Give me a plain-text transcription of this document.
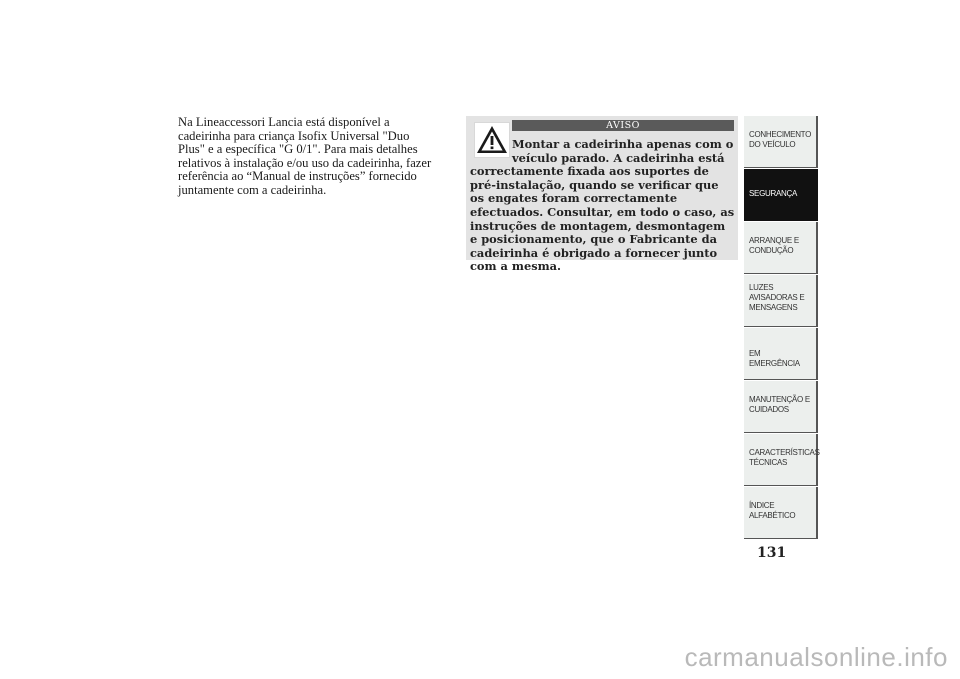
Na Lineaccessori Lancia está disponível a
cadeirinha para criança Isofix Universal "Duo
Plus" e a específica "G 0/1". Para mais detalhes
relativos à instalação e/ou uso da cadeirinha, fazer
referência ao “Manual de instruções” fornecido
juntamente com a cadeirinha.

AVISO
Montar a cadeirinha apenas com o
veículo parado. A cadeirinha está
correctamente fixada aos suportes de pré-instalação, quando se verificar que os engates foram correctamente efectuados. Consultar, em todo o caso, as instruções de montagem, desmontagem e posicionamento, que o Fabricante da cadeirinha é obrigado a fornecer junto com a mesma.
CONHECIMENTO
DO VEÍCULO
SEGURANÇA
ARRANQUE E
CONDUÇÃO
LUZES
AVISADORAS E
MENSAGENS
EM EMERGÊNCIA
MANUTENÇÃO E
CUIDADOS
CARACTERÍSTICAS
TÉCNICAS
ÍNDICE
ALFABÉTICO
131
carmanualsonline.info
